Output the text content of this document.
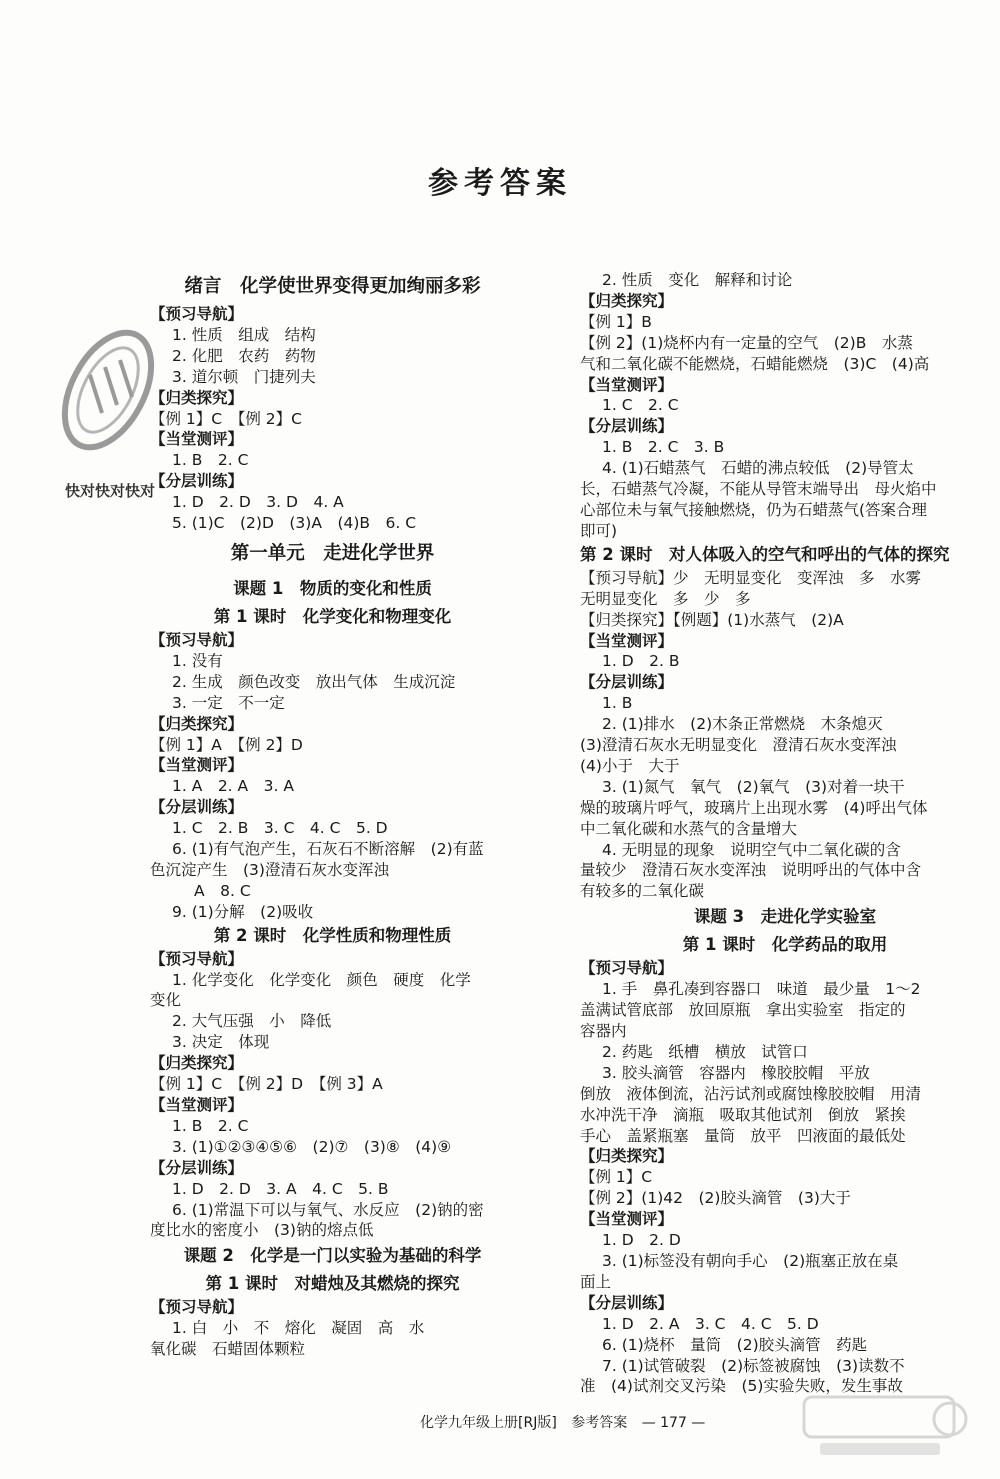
参考答案
快对快对快对
绪言　化学使世界变得更加绚丽多彩
【预习导航】
1. 性质　组成　结构
2. 化肥　农药　药物
3. 道尔顿　门捷列夫
【归类探究】
【例 1】C　【例 2】C
【当堂测评】
1. B　2. C
【分层训练】
1. D　2. D　3. D　4. A
5. (1)C　(2)D　(3)A　(4)B　6. C
第一单元　走进化学世界
课题 1　物质的变化和性质
第 1 课时　化学变化和物理变化
【预习导航】
1. 没有
2. 生成　颜色改变　放出气体　生成沉淀
3. 一定　不一定
【归类探究】
【例 1】A　【例 2】D
【当堂测评】
1. A　2. A　3. A
【分层训练】
1. C　2. B　3. C　4. C　5. D
6. (1)有气泡产生，石灰石不断溶解　(2)有蓝
色沉淀产生　(3)澄清石灰水变浑浊
A　8. C
9. (1)分解　(2)吸收
第 2 课时　化学性质和物理性质
【预习导航】
1. 化学变化　化学变化　颜色　硬度　化学
变化
2. 大气压强　小　降低
3. 决定　体现
【归类探究】
【例 1】C　【例 2】D　【例 3】A
【当堂测评】
1. B　2. C
3. (1)①②③④⑤⑥　(2)⑦　(3)⑧　(4)⑨
【分层训练】
1. D　2. D　3. A　4. C　5. B
6. (1)常温下可以与氧气、水反应　(2)钠的密
度比水的密度小　(3)钠的熔点低
课题 2　化学是一门以实验为基础的科学
第 1 课时　对蜡烛及其燃烧的探究
【预习导航】
1. 白　小　不　熔化　凝固　高　水
氧化碳　石蜡固体颗粒
2. 性质　变化　解释和讨论
【归类探究】
【例 1】B
【例 2】(1)烧杯内有一定量的空气　(2)B　水蒸
气和二氧化碳不能燃烧，石蜡能燃烧　(3)C　(4)高
【当堂测评】
1. C　2. C
【分层训练】
1. B　2. C　3. B
4. (1)石蜡蒸气　石蜡的沸点较低　(2)导管太
长，石蜡蒸气冷凝，不能从导管末端导出　母火焰中
心部位未与氧气接触燃烧，仍为石蜡蒸气(答案合理
即可)
第 2 课时　对人体吸入的空气和呼出的气体的探究
【预习导航】少　无明显变化　变浑浊　多　水雾
无明显变化　多　少　多
【归类探究】【例题】(1)水蒸气　(2)A
【当堂测评】
1. D　2. B
【分层训练】
1. B
2. (1)排水　(2)木条正常燃烧　木条熄灭
(3)澄清石灰水无明显变化　澄清石灰水变浑浊
(4)小于　大于
3. (1)氮气　氧气　(2)氧气　(3)对着一块干
燥的玻璃片呼气，玻璃片上出现水雾　(4)呼出气体
中二氧化碳和水蒸气的含量增大
4. 无明显的现象　说明空气中二氧化碳的含
量较少　澄清石灰水变浑浊　说明呼出的气体中含
有较多的二氧化碳
课题 3　走进化学实验室
第 1 课时　化学药品的取用
【预习导航】
1. 手　鼻孔凑到容器口　味道　最少量　1～2
盖满试管底部　放回原瓶　拿出实验室　指定的
容器内
2. 药匙　纸槽　横放　试管口
3. 胶头滴管　容器内　橡胶胶帽　平放
倒放　液体倒流，沾污试剂或腐蚀橡胶胶帽　用清
水冲洗干净　滴瓶　吸取其他试剂　倒放　紧挨
手心　盖紧瓶塞　量筒　放平　凹液面的最低处
【归类探究】
【例 1】C
【例 2】(1)42　(2)胶头滴管　(3)大于
【当堂测评】
1. D　2. D
3. (1)标签没有朝向手心　(2)瓶塞正放在桌
面上
【分层训练】
1. D　2. A　3. C　4. C　5. D
6. (1)烧杯　量筒　(2)胶头滴管　药匙
7. (1)试管破裂　(2)标签被腐蚀　(3)读数不
准　(4)试剂交叉污染　(5)实验失败，发生事故
化学九年级上册[RJ版] 参考答案 — 177 —
